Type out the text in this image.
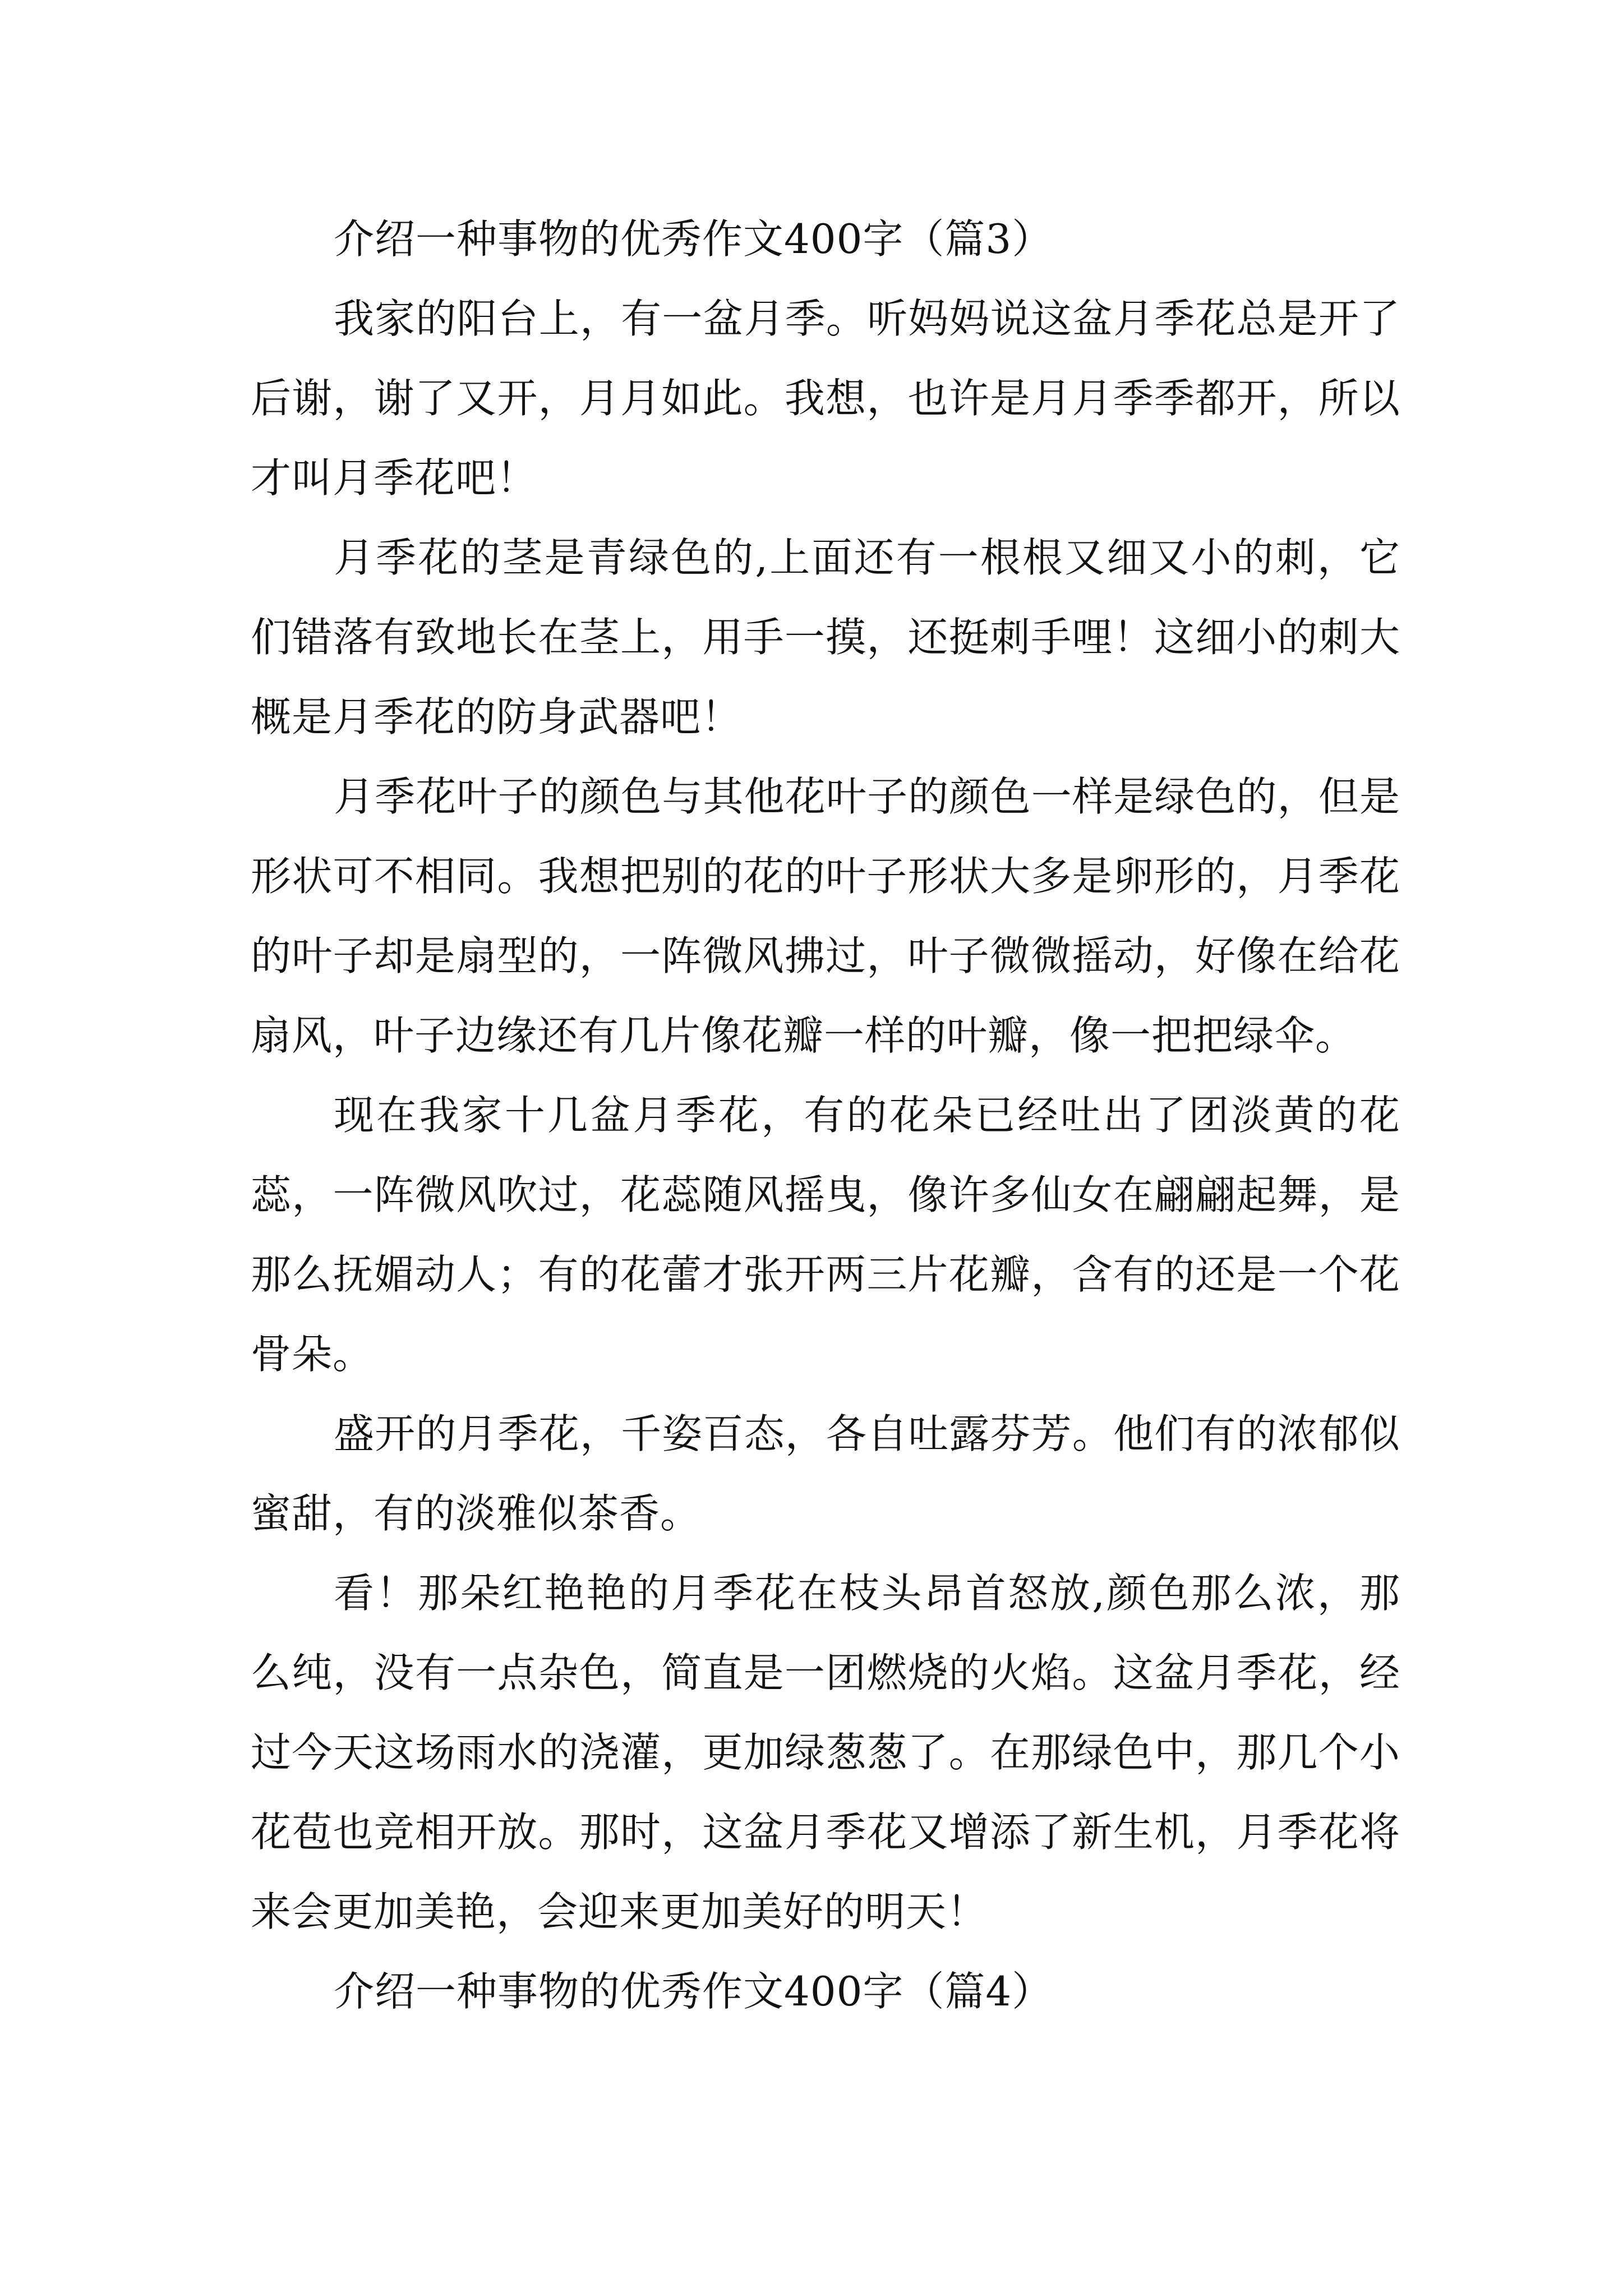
介绍一种事物的优秀作文400字（篇3）

我家的阳台上，有一盆月季。听妈妈说这盆月季花总是开了后谢，谢了又开，月月如此。我想，也许是月月季季都开，所以才叫月季花吧！

月季花的茎是青绿色的,上面还有一根根又细又小的刺，它们错落有致地长在茎上，用手一摸，还挺刺手哩！这细小的刺大概是月季花的防身武器吧！

月季花叶子的颜色与其他花叶子的颜色一样是绿色的，但是形状可不相同。我想把别的花的叶子形状大多是卵形的，月季花的叶子却是扇型的，一阵微风拂过，叶子微微摇动，好像在给花扇风，叶子边缘还有几片像花瓣一样的叶瓣，像一把把绿伞。

现在我家十几盆月季花，有的花朵已经吐出了团淡黄的花蕊，一阵微风吹过，花蕊随风摇曳，像许多仙女在翩翩起舞，是那么抚媚动人；有的花蕾才张开两三片花瓣，含有的还是一个花骨朵。

盛开的月季花，千姿百态，各自吐露芬芳。他们有的浓郁似蜜甜，有的淡雅似茶香。

看！那朵红艳艳的月季花在枝头昂首怒放,颜色那么浓，那么纯，没有一点杂色，简直是一团燃烧的火焰。这盆月季花，经过今天这场雨水的浇灌，更加绿葱葱了。在那绿色中，那几个小花苞也竞相开放。那时，这盆月季花又增添了新生机，月季花将来会更加美艳，会迎来更加美好的明天！

介绍一种事物的优秀作文400字（篇4）
